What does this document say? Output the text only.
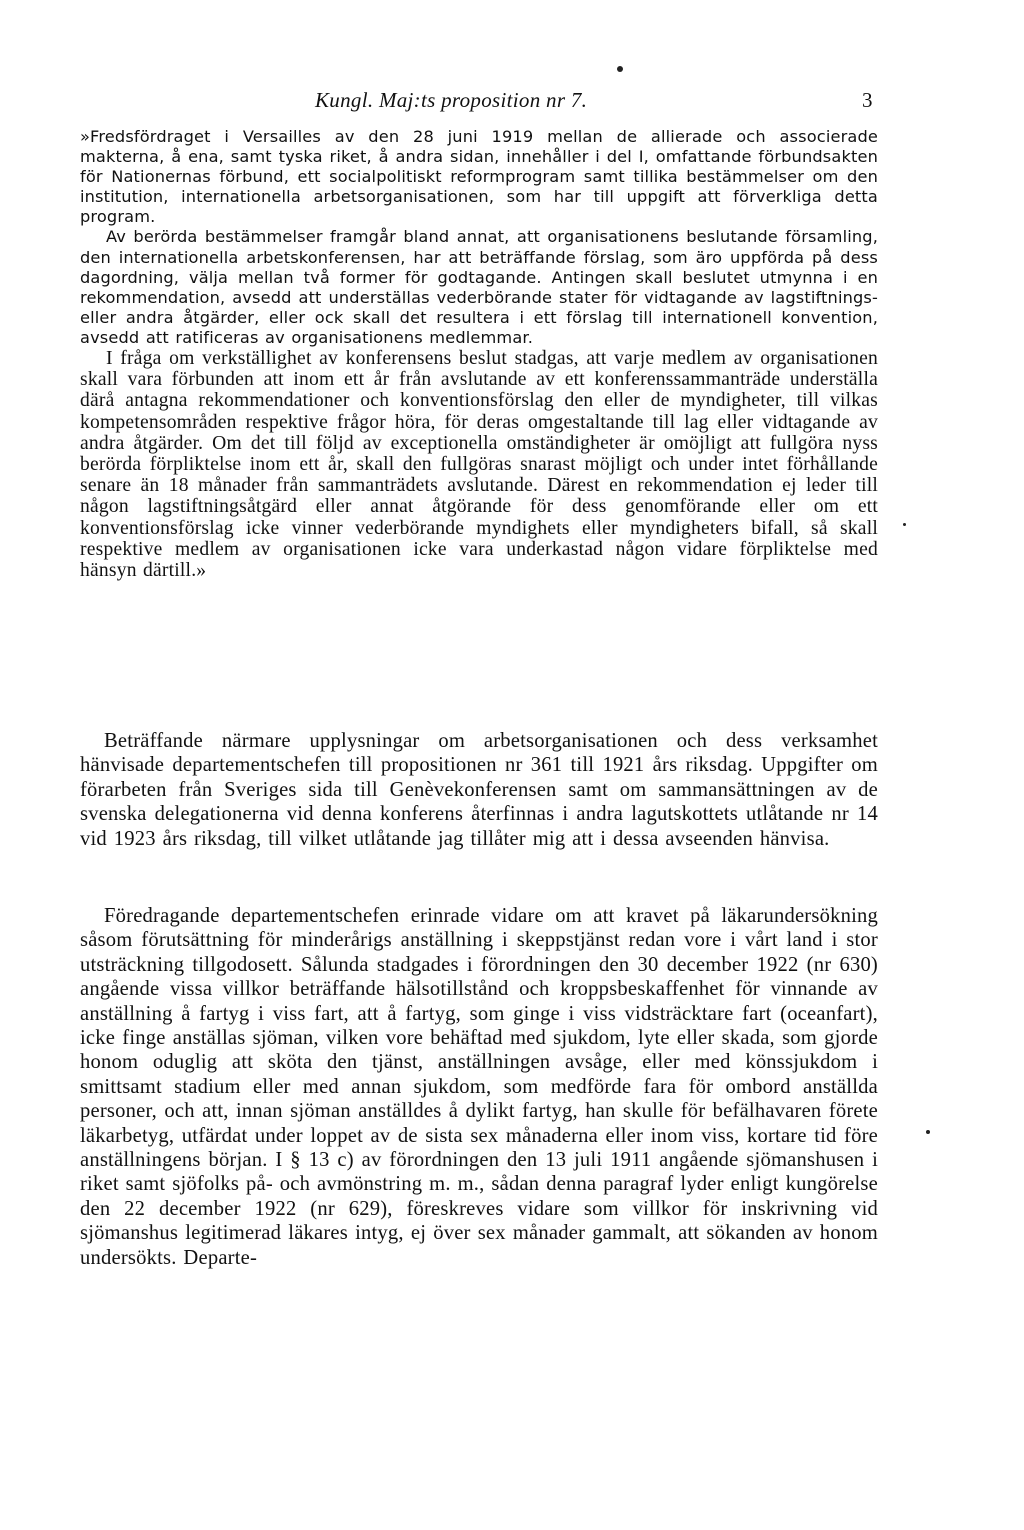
Kungl. Maj:ts proposition nr 7.	3

»Fredsfördraget i Versailles av den 28 juni 1919 mellan de allierade och associerade makterna, å ena, samt tyska riket, å andra sidan, innehåller i del I, omfattande förbundsakten för Nationernas förbund, ett socialpolitiskt reformprogram samt tillika bestämmelser om den institution, internationella arbetsorganisationen, som har till uppgift att förverkliga detta program.

Av berörda bestämmelser framgår bland annat, att organisationens beslutande församling, den internationella arbetskonferensen, har att beträffande förslag, som äro uppförda på dess dagordning, välja mellan två former för godtagande. Antingen skall beslutet utmynna i en rekommendation, avsedd att underställas vederbörande stater för vidtagande av lagstiftnings- eller andra åtgärder, eller ock skall det resultera i ett förslag till internationell konvention, avsedd att ratificeras av organisationens medlemmar.

I fråga om verkställighet av konferensens beslut stadgas, att varje medlem av organisationen skall vara förbunden att inom ett år från avslutande av ett konferenssammanträde underställa därå antagna rekommendationer och konventionsförslag den eller de myndigheter, till vilkas kompetensområden respektive frågor höra, för deras omgestaltande till lag eller vidtagande av andra åtgärder. Om det till följd av exceptionella omständigheter är omöjligt att fullgöra nyss berörda förpliktelse inom ett år, skall den fullgöras snarast möjligt och under intet förhållande senare än 18 månader från sammanträdets avslutande. Därest en rekommendation ej leder till någon lagstiftningsåtgärd eller annat åtgörande för dess genomförande eller om ett konventionsförslag icke vinner vederbörande myndighets eller myndigheters bifall, så skall respektive medlem av organisationen icke vara underkastad någon vidare förpliktelse med hänsyn därtill.»

Beträffande närmare upplysningar om arbetsorganisationen och dess verksamhet hänvisade departementschefen till propositionen nr 361 till 1921 års riksdag. Uppgifter om förarbeten från Sveriges sida till Genèvekonferensen samt om sammansättningen av de svenska delegationerna vid denna konferens återfinnas i andra lagutskottets utlåtande nr 14 vid 1923 års riksdag, till vilket utlåtande jag tillåter mig att i dessa avseenden hänvisa.

Föredragande departementschefen erinrade vidare om att kravet på läkarundersökning såsom förutsättning för minderårigs anställning i skeppstjänst redan vore i vårt land i stor utsträckning tillgodosett. Sålunda stadgades i förordningen den 30 december 1922 (nr 630) angående vissa villkor beträffande hälsotillstånd och kroppsbeskaffenhet för vinnande av anställning å fartyg i viss fart, att å fartyg, som ginge i viss vidsträcktare fart (oceanfart), icke finge anställas sjöman, vilken vore behäftad med sjukdom, lyte eller skada, som gjorde honom oduglig att sköta den tjänst, anställningen avsåge, eller med könssjukdom i smittsamt stadium eller med annan sjukdom, som medförde fara för ombord anställda personer, och att, innan sjöman anställdes å dylikt fartyg, han skulle för befälhavaren förete läkarbetyg, utfärdat under loppet av de sista sex månaderna eller inom viss, kortare tid före anställningens början. I § 13 c) av förordningen den 13 juli 1911 angående sjömanshusen i riket samt sjöfolks på- och avmönstring m. m., sådan denna paragraf lyder enligt kungörelse den 22 december 1922 (nr 629), föreskreves vidare som villkor för inskrivning vid sjömanshus legitimerad läkares intyg, ej över sex månader gammalt, att sökanden av honom undersökts. Departe-
